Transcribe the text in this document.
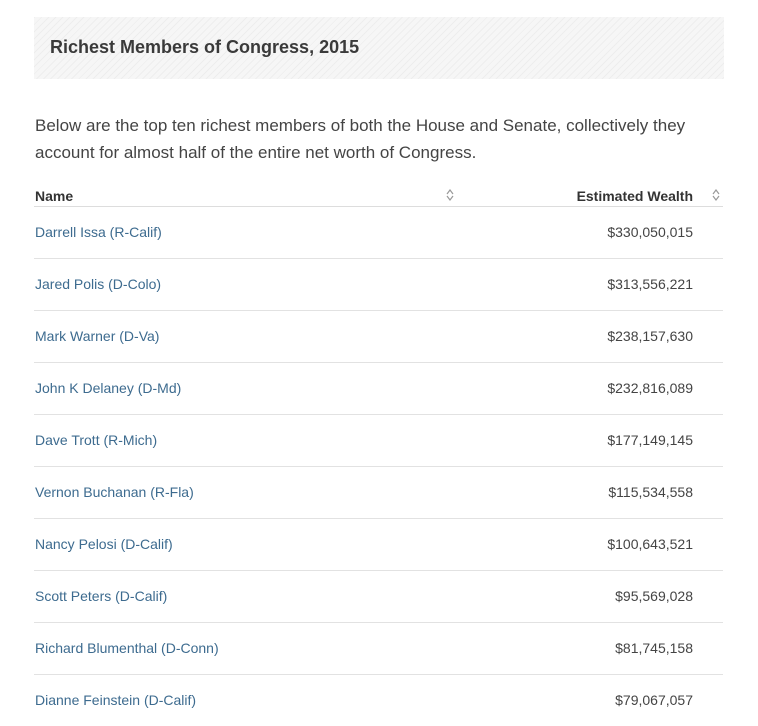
Richest Members of Congress, 2015

Below are the top ten richest members of both the House and Senate, collectively they account for almost half of the entire net worth of Congress.

Name	Estimated Wealth
Darrell Issa (R-Calif)	$330,050,015
Jared Polis (D-Colo)	$313,556,221
Mark Warner (D-Va)	$238,157,630
John K Delaney (D-Md)	$232,816,089
Dave Trott (R-Mich)	$177,149,145
Vernon Buchanan (R-Fla)	$115,534,558
Nancy Pelosi (D-Calif)	$100,643,521
Scott Peters (D-Calif)	$95,569,028
Richard Blumenthal (D-Conn)	$81,745,158
Dianne Feinstein (D-Calif)	$79,067,057
